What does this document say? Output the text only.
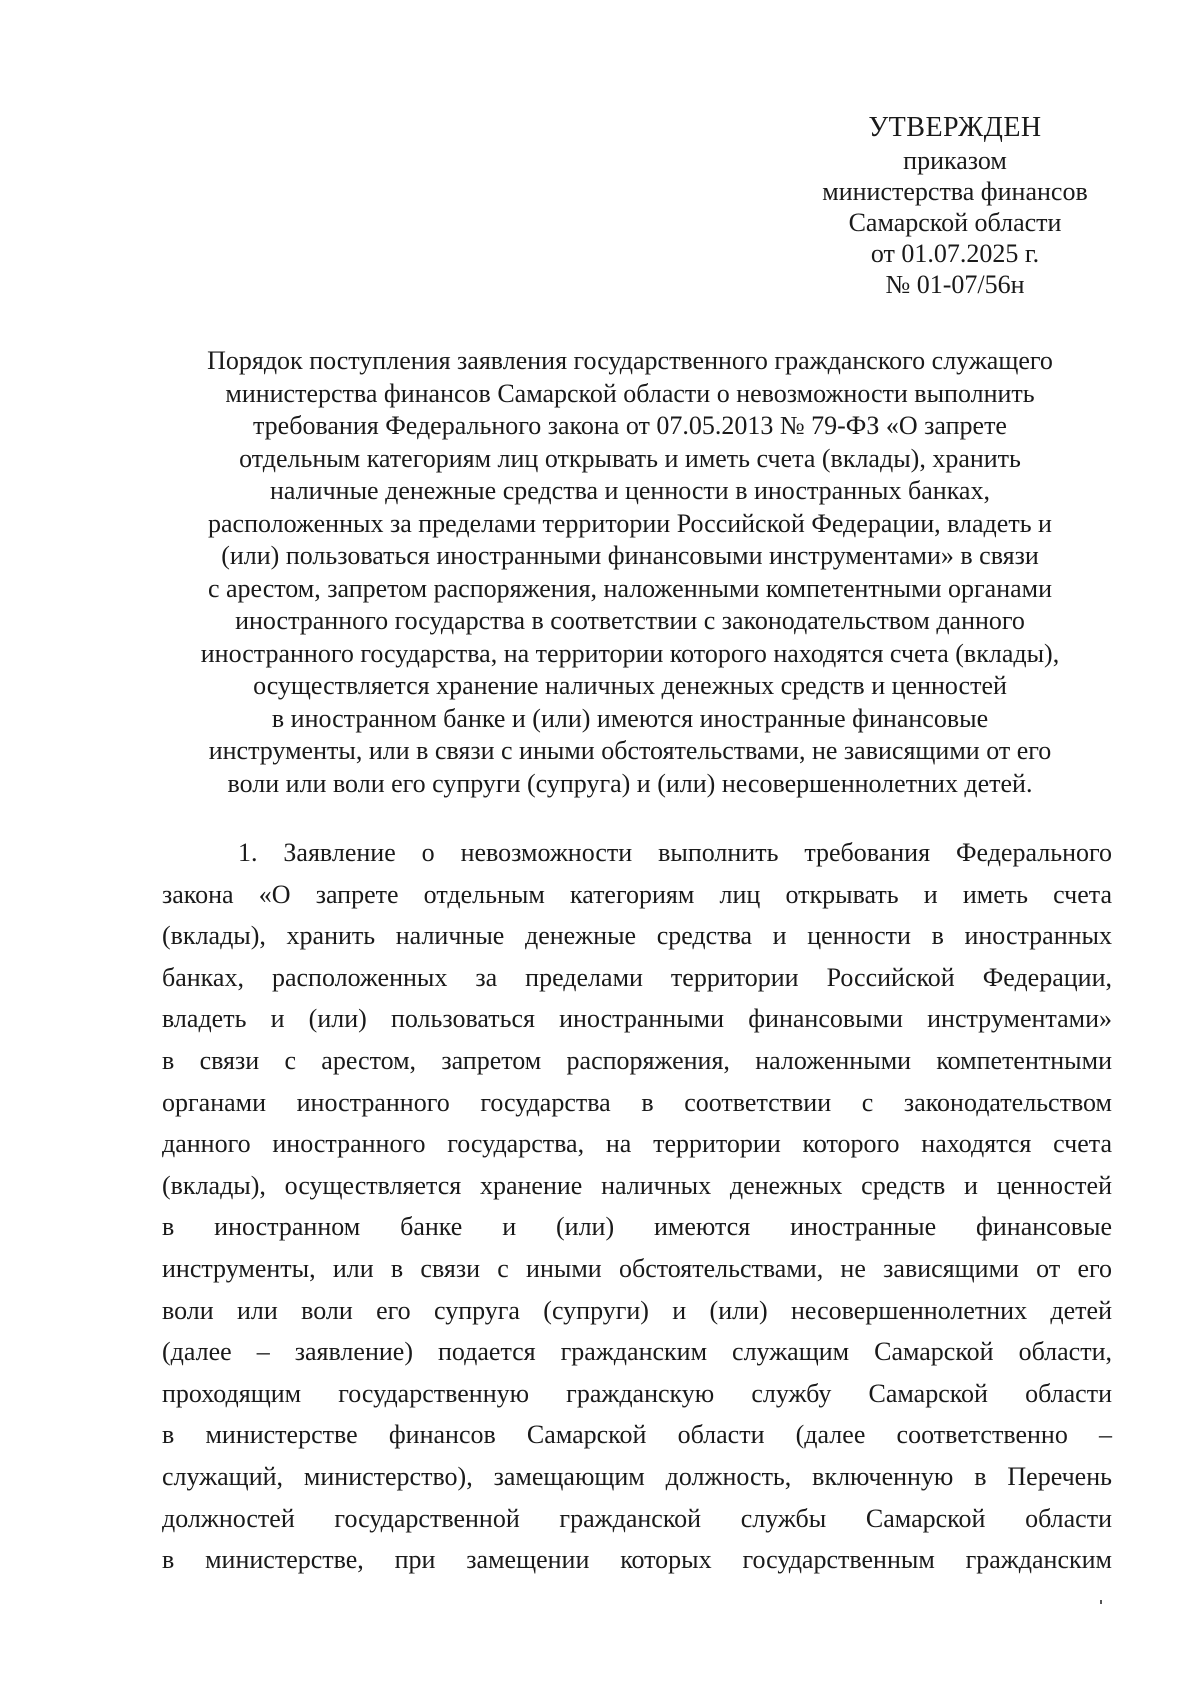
УТВЕРЖДЕН
приказом
министерства финансов
Самарской области
от 01.07.2025 г.
№ 01-07/56н
Порядок поступления заявления государственного гражданского служащего
министерства финансов Самарской области о невозможности выполнить
требования Федерального закона от 07.05.2013 № 79-ФЗ «О запрете
отдельным категориям лиц открывать и иметь счета (вклады), хранить
наличные денежные средства и ценности в иностранных банках,
расположенных за пределами территории Российской Федерации, владеть и
(или) пользоваться иностранными финансовыми инструментами» в связи
с арестом, запретом распоряжения, наложенными компетентными органами
иностранного государства в соответствии с законодательством данного
иностранного государства, на территории которого находятся счета (вклады),
осуществляется хранение наличных денежных средств и ценностей
в иностранном банке и (или) имеются иностранные финансовые
инструменты, или в связи с иными обстоятельствами, не зависящими от его
воли или воли его супруги (супруга) и (или) несовершеннолетних детей.
1. Заявление о невозможности выполнить требования Федерального
закона «О запрете отдельным категориям лиц открывать и иметь счета
(вклады), хранить наличные денежные средства и ценности в иностранных
банках, расположенных за пределами территории Российской Федерации,
владеть и (или) пользоваться иностранными финансовыми инструментами»
в связи с арестом, запретом распоряжения, наложенными компетентными
органами иностранного государства в соответствии с законодательством
данного иностранного государства, на территории которого находятся счета
(вклады), осуществляется хранение наличных денежных средств и ценностей
в иностранном банке и (или) имеются иностранные финансовые
инструменты, или в связи с иными обстоятельствами, не зависящими от его
воли или воли его супруга (супруги) и (или) несовершеннолетних детей
(далее – заявление) подается гражданским служащим Самарской области,
проходящим государственную гражданскую службу Самарской области
в министерстве финансов Самарской области (далее соответственно –
служащий, министерство), замещающим должность, включенную в Перечень
должностей государственной гражданской службы Самарской области
в министерстве, при замещении которых государственным гражданским
